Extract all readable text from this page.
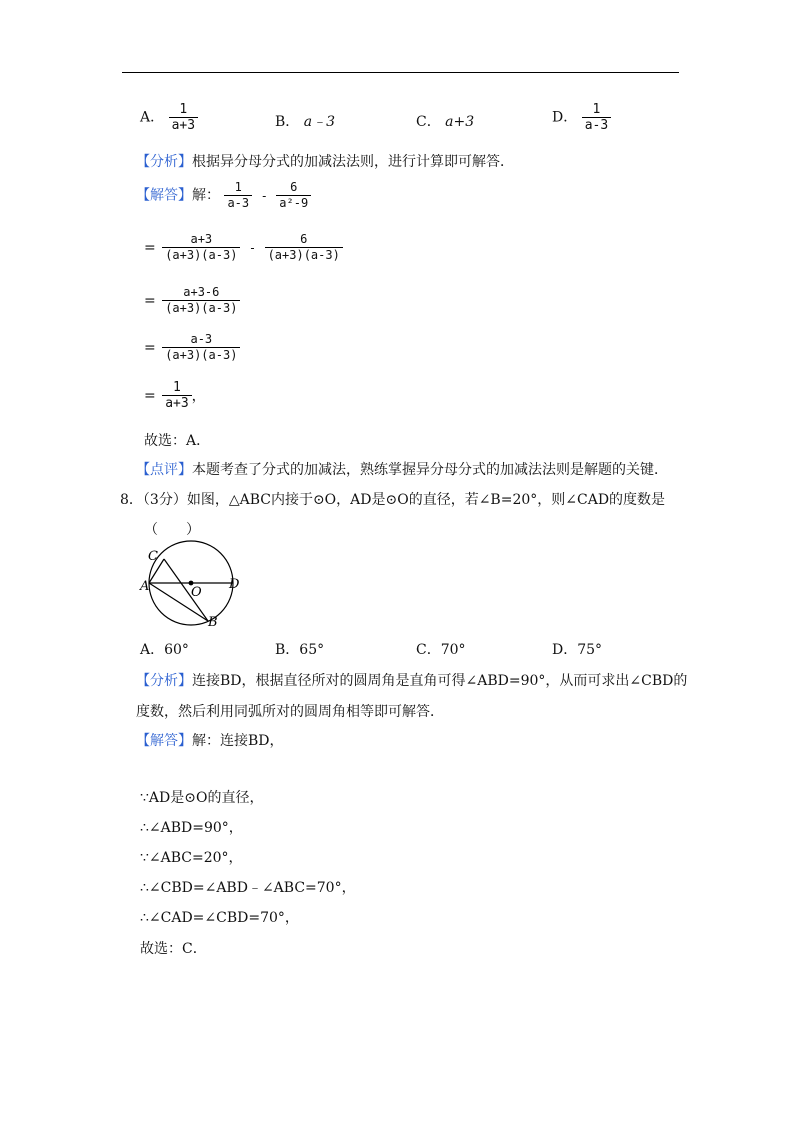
A． $\frac{1}{a+3}$	B． a﹣3	C． a+3	D． $\frac{1}{a-3}$
【分析】根据异分母分式的加减法法则，进行计算即可解答．
【解答】解： $\frac{1}{a-3} - \frac{6}{\text{a²-9}}$
= $\frac{a+3}{(a+3)(a-3)} - \frac{6}{(a+3)(a-3)}$
= $\frac{a+3-6}{(a+3)(a-3)}$
= $\frac{a-3}{(a+3)(a-3)}$
= $\frac{1}{a+3}$ ，
故选：A．
【点评】本题考查了分式的加减法，熟练掌握异分母分式的加减法法则是解题的关键．
8．（3分）如图，△ABC内接于⊙O，AD是⊙O的直径，若∠B=20°，则∠CAD的度数是
（　　）
C
A	O
D
B
A．60°	B．65°	C．70°	D．75°
【分析】连接BD，根据直径所对的圆周角是直角可得∠ABD=90°，从而可求出∠CBD的
度数，然后利用同弧所对的圆周角相等即可解答．
【解答】解：连接BD，
∵AD是⊙O的直径，
∴∠ABD=90°，
∵∠ABC=20°，
∴∠CBD=∠ABD﹣∠ABC=70°，
∴∠CAD=∠CBD=70°，
故选：C．
